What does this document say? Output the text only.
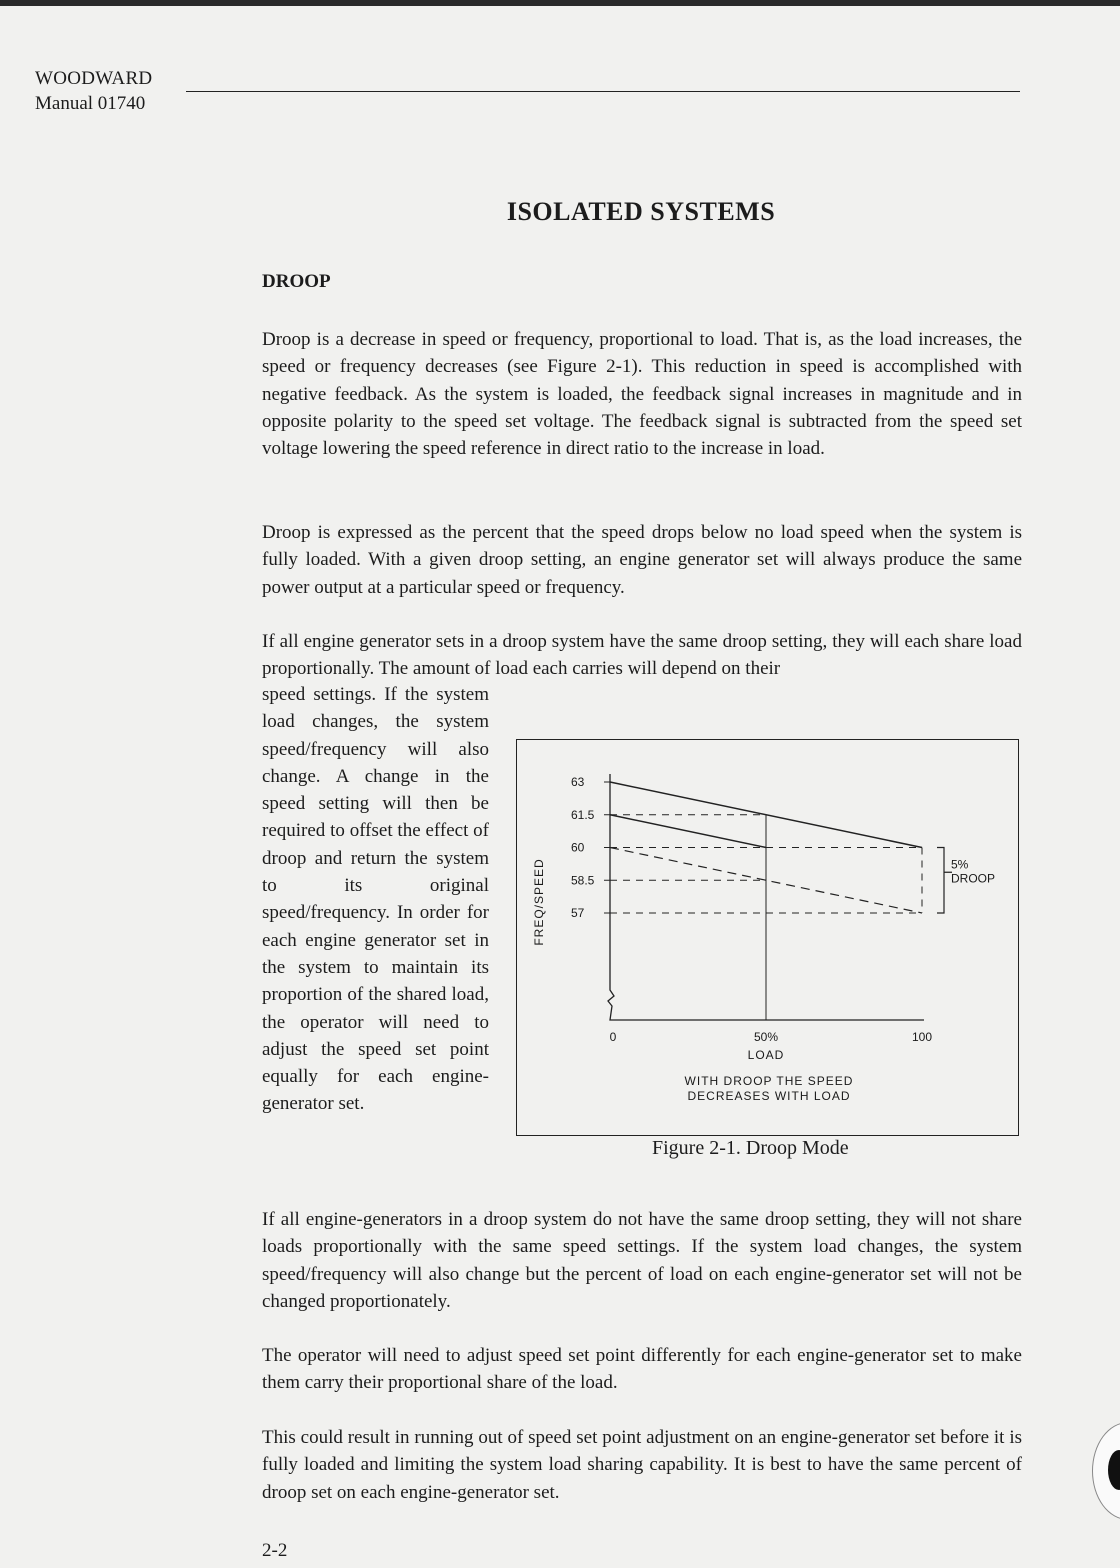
WOODWARD
Manual 01740
ISOLATED SYSTEMS
DROOP

Droop is a decrease in speed or frequency, proportional to load. That is, as the load increases, the speed or frequency decreases (see Figure 2-1). This reduction in speed is accomplished with negative feedback. As the system is loaded, the feedback signal increases in magnitude and in opposite polarity to the speed set voltage. The feedback signal is subtracted from the speed set voltage lowering the speed reference in direct ratio to the increase in load.

Droop is expressed as the percent that the speed drops below no load speed when the system is fully loaded. With a given droop setting, an engine generator set will always produce the same power output at a particular speed or frequency.

If all engine generator sets in a droop system have the same droop setting, they will each share load proportionally. The amount of load each carries will depend on their

speed settings. If the system load changes, the system speed/frequency will also change. A change in the speed setting will then be required to offset the effect of droop and return the system to its original speed/frequency. In order for each engine generator set in the system to maintain its proportion of the shared load, the operator will need to adjust the speed set point equally for each engine-generator set.

63
61.5
60
58.5
57
0	50%	100
LOAD
FREQ/SPEED	5%
DROOP
WITH DROOP THE SPEED
DECREASES WITH LOAD
Figure 2-1. Droop Mode

If all engine-generators in a droop system do not have the same droop setting, they will not share loads proportionally with the same speed settings. If the system load changes, the system speed/frequency will also change but the percent of load on each engine-generator set will not be changed proportionately.

The operator will need to adjust speed set point differently for each engine-generator set to make them carry their proportional share of the load.

This could result in running out of speed set point adjustment on an engine-generator set before it is fully loaded and limiting the system load sharing capability. It is best to have the same percent of droop set on each engine-generator set.

2-2
